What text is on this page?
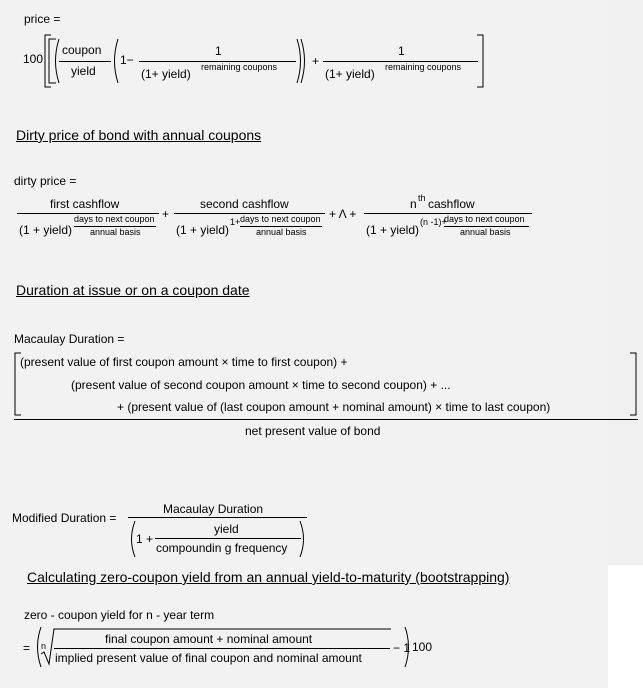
price =
100
coupon
yield
1−
1
(1+ yield) remaining coupons	+
1
(1+ yield) remaining coupons
Dirty price of bond with annual coupons
dirty price =
first cashflow
(1 + yield)
days to next coupon
annual basis
+
second cashflow
(1 + yield)
1+ days to next coupon
annual basis
+ Λ +
n th cashflow
(1 + yield)
(n -1)+
days to next coupon
annual basis
Duration at issue or on a coupon date
Macaulay Duration =
(present value of first coupon amount × time to first coupon) +
(present value of second coupon amount × time to second coupon) + ...
+ (present value of (last coupon amount + nominal amount) × time to last coupon)
net present value of bond
Modified Duration =
Macaulay Duration
1 +
yield
compoundin g frequency
Calculating zero-coupon yield from an annual yield-to-maturity (bootstrapping)
zero - coupon yield for n - year term
= n	final coupon amount + nominal amount
implied present value of final coupon and nominal amount
− 1 100
